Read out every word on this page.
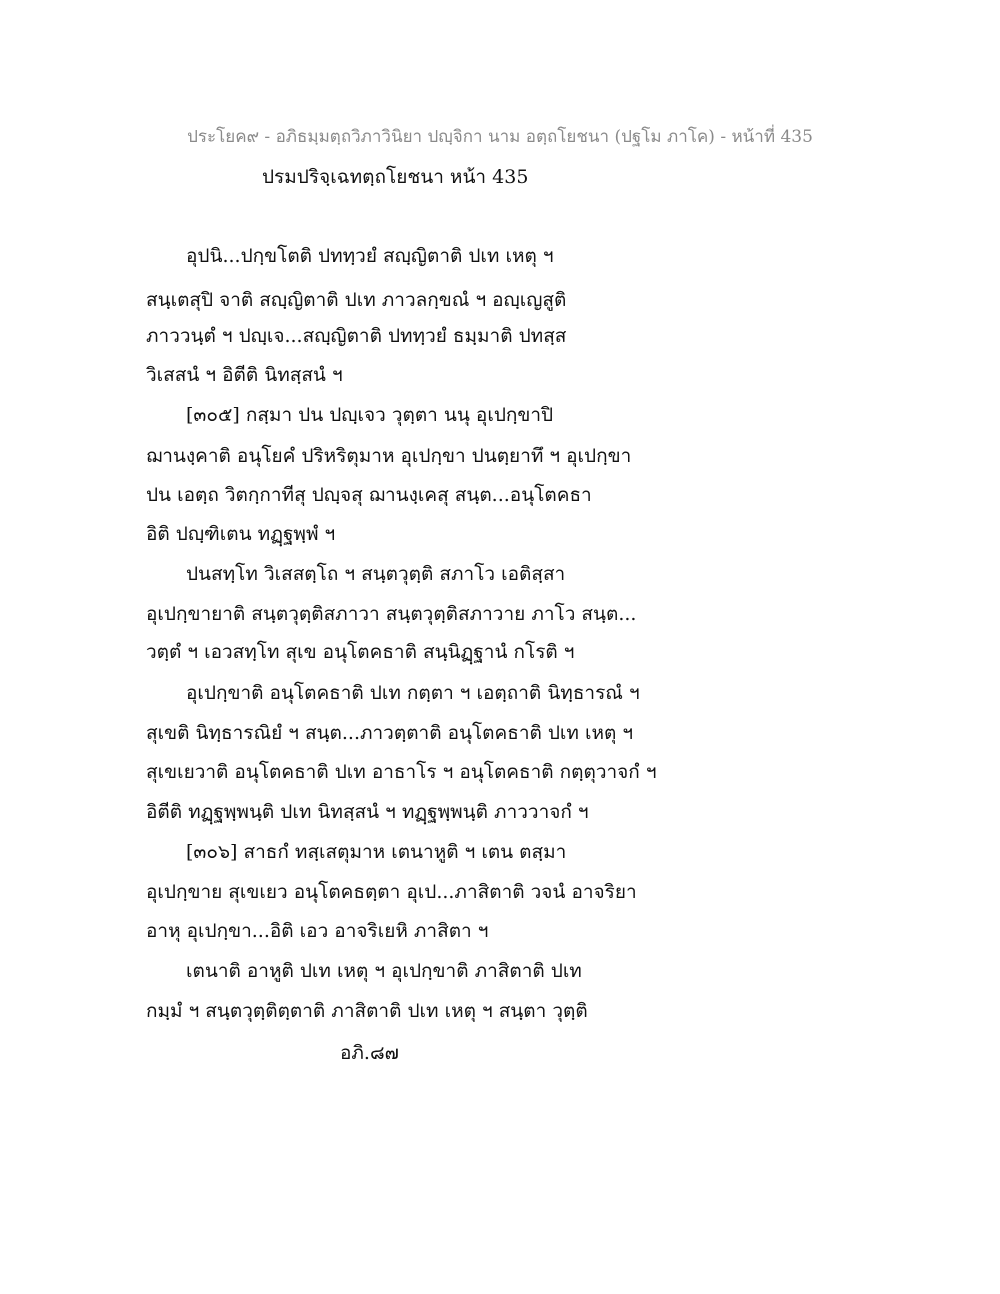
ประโยค๙ - อภิธมฺมตฺถวิภาวินิยา ปญฺจิกา นาม อตฺถโยชนา (ปฐโม ภาโค) - หน้าที่ 435
ปรมปริจฺเฉทตฺถโยชนา หน้า 435
อุปนิ...ปกฺขโตติ ปททฺวยํ สญฺญิตาติ ปเท เหตุ ฯ
สนฺเตสุปิ จาติ สญฺญิตาติ ปเท ภาวลกฺขณํ ฯ อญฺเญสูติ
ภาววนฺตํ ฯ ปญฺเจ...สญฺญิตาติ ปททฺวยํ ธมฺมาติ ปทสฺส
วิเสสนํ ฯ อิตีติ นิทสฺสนํ ฯ
[๓๐๕] กสฺมา ปน ปญฺเจว วุตฺตา นนุ อุเปกฺขาปิ
ฌานงฺคาติ อนุโยคํ ปริหริตุมาห อุเปกฺขา ปนตฺยาทึ ฯ อุเปกฺขา
ปน เอตฺถ วิตกฺกาทีสุ ปญฺจสุ ฌานงฺเคสุ สนฺต...อนุโตคธา
อิติ ปญฺฑิเตน ทฏฺฐพฺพํ ฯ
ปนสทฺโท วิเสสตฺโถ ฯ สนฺตวุตฺติ สภาโว เอติสฺสา
อุเปกฺขายาติ สนฺตวุตฺติสภาวา สนฺตวุตฺติสภาวาย ภาโว สนฺต...
วตฺตํ ฯ เอวสทฺโท สุเข อนุโตคธาติ สนฺนิฏฺฐานํ กโรติ ฯ
อุเปกฺขาติ อนุโตคธาติ ปเท กตฺตา ฯ เอตฺถาติ นิทฺธารณํ ฯ
สุเขติ นิทฺธารณิยํ ฯ สนฺต...ภาวตฺตาติ อนุโตคธาติ ปเท เหตุ ฯ
สุเขเยวาติ อนุโตคธาติ ปเท อาธาโร ฯ อนุโตคธาติ กตฺตุวาจกํ ฯ
อิตีติ ทฏฺฐพฺพนฺติ ปเท นิทสฺสนํ ฯ ทฏฺฐพฺพนฺติ ภาววาจกํ ฯ
[๓๐๖] สาธกํ ทสฺเสตุมาห เตนาหูติ ฯ เตน ตสฺมา
อุเปกฺขาย สุเขเยว อนุโตคธตฺตา อุเป...ภาสิตาติ วจนํ อาจริยา
อาหุ อุเปกฺขา...อิติ เอว อาจริเยหิ ภาสิตา ฯ
เตนาติ อาหูติ ปเท เหตุ ฯ อุเปกฺขาติ ภาสิตาติ ปเท
กมฺมํ ฯ สนฺตวุตฺติตฺตาติ ภาสิตาติ ปเท เหตุ ฯ สนฺตา วุตฺติ
อภิ.๘๗
